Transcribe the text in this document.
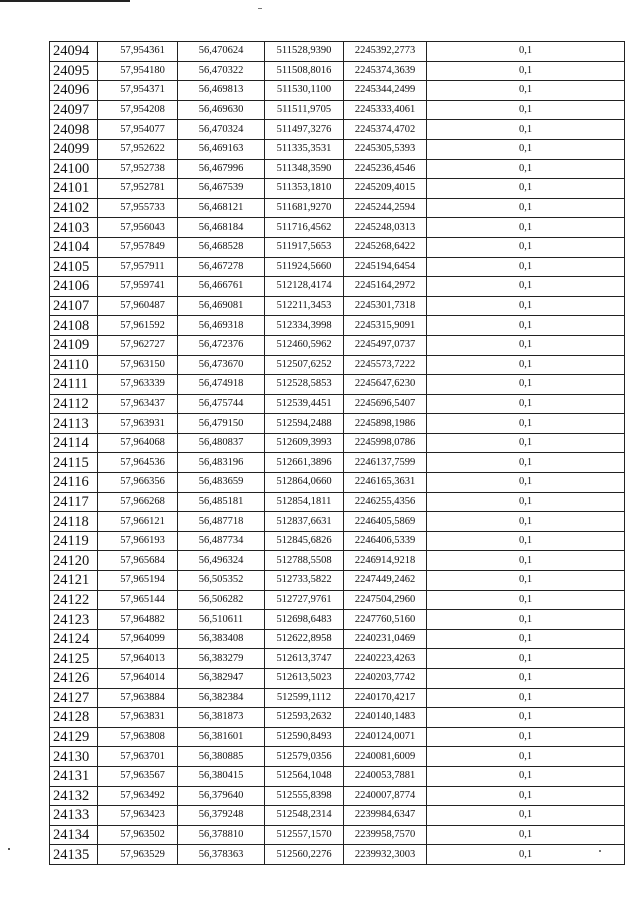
24094	57,954361	56,470624	511528,9390	2245392,2773	0,1
24095	57,954180	56,470322	511508,8016	2245374,3639	0,1
24096	57,954371	56,469813	511530,1100	2245344,2499	0,1
24097	57,954208	56,469630	511511,9705	2245333,4061	0,1
24098	57,954077	56,470324	511497,3276	2245374,4702	0,1
24099	57,952622	56,469163	511335,3531	2245305,5393	0,1
24100	57,952738	56,467996	511348,3590	2245236,4546	0,1
24101	57,952781	56,467539	511353,1810	2245209,4015	0,1
24102	57,955733	56,468121	511681,9270	2245244,2594	0,1
24103	57,956043	56,468184	511716,4562	2245248,0313	0,1
24104	57,957849	56,468528	511917,5653	2245268,6422	0,1
24105	57,957911	56,467278	511924,5660	2245194,6454	0,1
24106	57,959741	56,466761	512128,4174	2245164,2972	0,1
24107	57,960487	56,469081	512211,3453	2245301,7318	0,1
24108	57,961592	56,469318	512334,3998	2245315,9091	0,1
24109	57,962727	56,472376	512460,5962	2245497,0737	0,1
24110	57,963150	56,473670	512507,6252	2245573,7222	0,1
24111	57,963339	56,474918	512528,5853	2245647,6230	0,1
24112	57,963437	56,475744	512539,4451	2245696,5407	0,1
24113	57,963931	56,479150	512594,2488	2245898,1986	0,1
24114	57,964068	56,480837	512609,3993	2245998,0786	0,1
24115	57,964536	56,483196	512661,3896	2246137,7599	0,1
24116	57,966356	56,483659	512864,0660	2246165,3631	0,1
24117	57,966268	56,485181	512854,1811	2246255,4356	0,1
24118	57,966121	56,487718	512837,6631	2246405,5869	0,1
24119	57,966193	56,487734	512845,6826	2246406,5339	0,1
24120	57,965684	56,496324	512788,5508	2246914,9218	0,1
24121	57,965194	56,505352	512733,5822	2247449,2462	0,1
24122	57,965144	56,506282	512727,9761	2247504,2960	0,1
24123	57,964882	56,510611	512698,6483	2247760,5160	0,1
24124	57,964099	56,383408	512622,8958	2240231,0469	0,1
24125	57,964013	56,383279	512613,3747	2240223,4263	0,1
24126	57,964014	56,382947	512613,5023	2240203,7742	0,1
24127	57,963884	56,382384	512599,1112	2240170,4217	0,1
24128	57,963831	56,381873	512593,2632	2240140,1483	0,1
24129	57,963808	56,381601	512590,8493	2240124,0071	0,1
24130	57,963701	56,380885	512579,0356	2240081,6009	0,1
24131	57,963567	56,380415	512564,1048	2240053,7881	0,1
24132	57,963492	56,379640	512555,8398	2240007,8774	0,1
24133	57,963423	56,379248	512548,2314	2239984,6347	0,1
24134	57,963502	56,378810	512557,1570	2239958,7570	0,1
24135	57,963529	56,378363	512560,2276	2239932,3003	0,1
